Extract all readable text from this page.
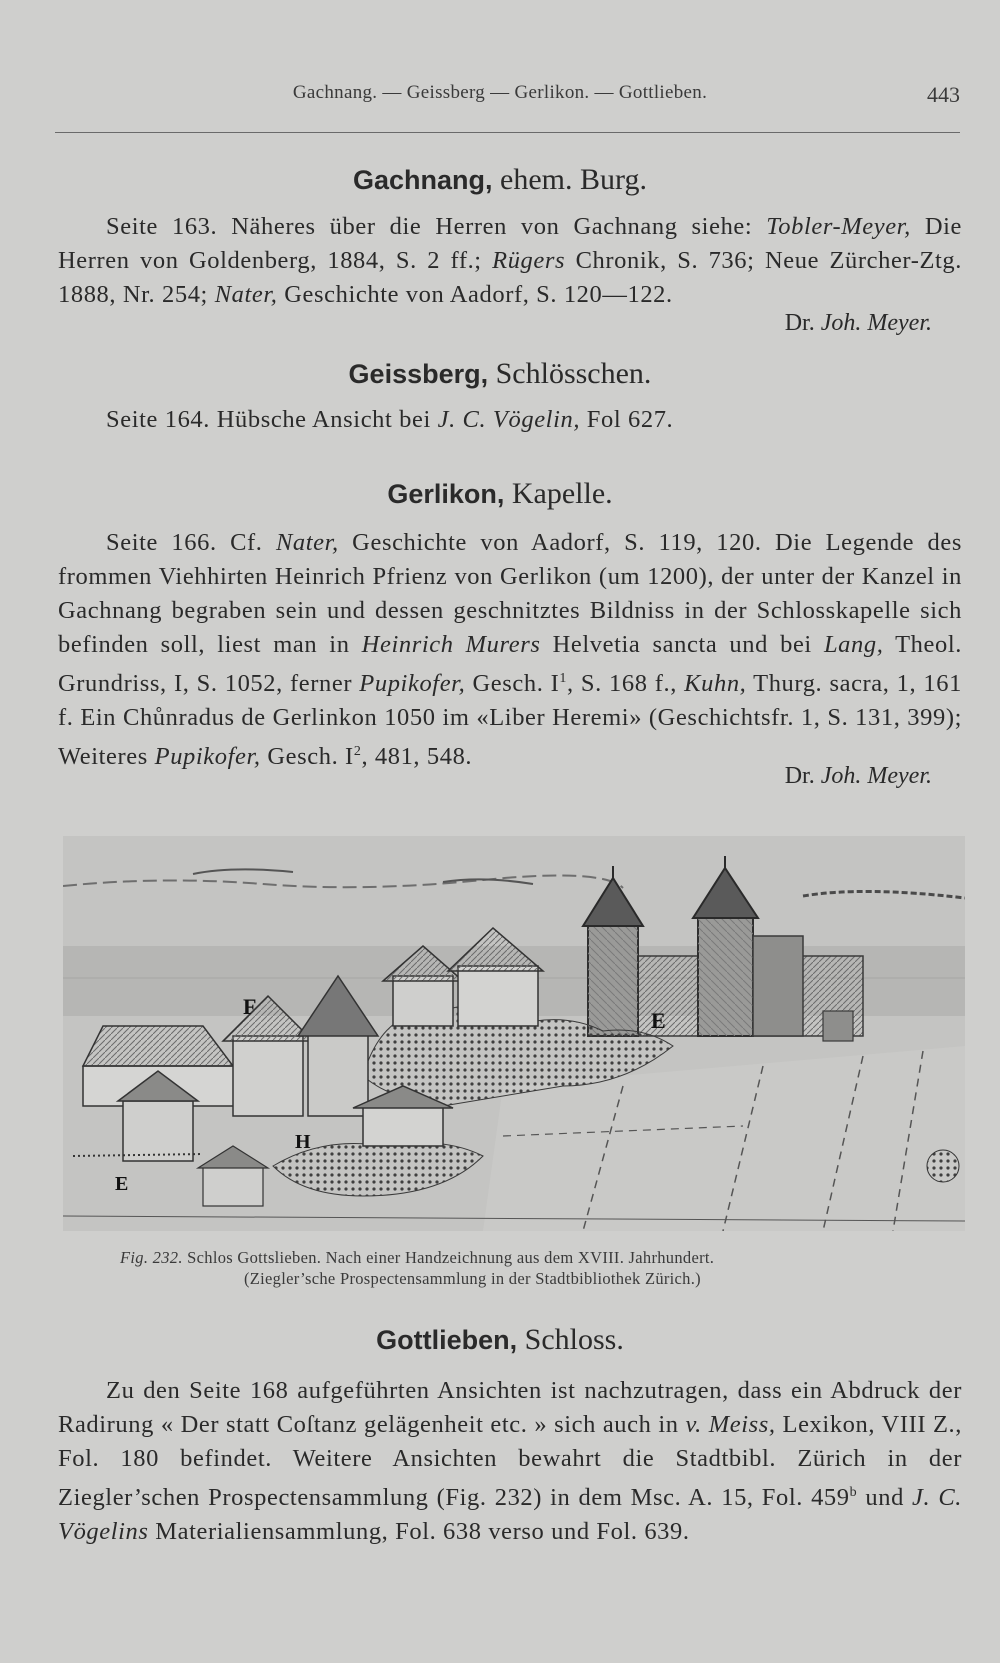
Gachnang. — Geissberg — Gerlikon. — Gottlieben.	443
Gachnang, ehem. Burg.

Seite 163. Näheres über die Herren von Gachnang siehe: Tobler-Meyer, Die Herren von Goldenberg, 1884, S. 2 ff.; Rügers Chronik, S. 736; Neue Zürcher-Ztg. 1888, Nr. 254; Nater, Geschichte von Aadorf, S. 120—122.

Dr. Joh. Meyer.
Geissberg, Schlösschen.

Seite 164. Hübsche Ansicht bei J. C. Vögelin, Fol 627.

Gerlikon, Kapelle.

Seite 166. Cf. Nater, Geschichte von Aadorf, S. 119, 120. Die Legende des frommen Viehhirten Heinrich Pfrienz von Gerlikon (um 1200), der unter der Kanzel in Gachnang begraben sein und dessen geschnitztes Bildniss in der Schlosskapelle sich befinden soll, liest man in Heinrich Murers Helvetia sancta und bei Lang, Theol. Grundriss, I, S. 1052, ferner Pupikofer, Gesch. $I^1$, S. 168 f., Kuhn, Thurg. sacra, 1, 161 f. Ein Chůnradus de Gerlinkon 1050 im «Liber Heremi» (Geschichtsfr. 1, S. 131, 399); Weiteres Pupikofer, Gesch. $I^2$, 481, 548.

Dr. Joh. Meyer.
F
E
H
E
Fig. 232. Schlos Gottslieben. Nach einer Handzeichnung aus dem XVIII. Jahrhundert.
(Ziegler’sche Prospectensammlung in der Stadtbibliothek Zürich.)
Gottlieben, Schloss.

Zu den Seite 168 aufgeführten Ansichten ist nachzutragen, dass ein Abdruck der Radirung « Der statt Coſtanz gelägenheit etc. » sich auch in v. Meiss, Lexikon, VIII Z., Fol. 180 befindet. Weitere Ansichten bewahrt die Stadtbibl. Zürich in der Ziegler’schen Prospectensammlung (Fig. 232) in dem Msc. A. 15, Fol. 459$^b$ und J. C. Vögelins Materialiensammlung, Fol. 638 verso und Fol. 639.
